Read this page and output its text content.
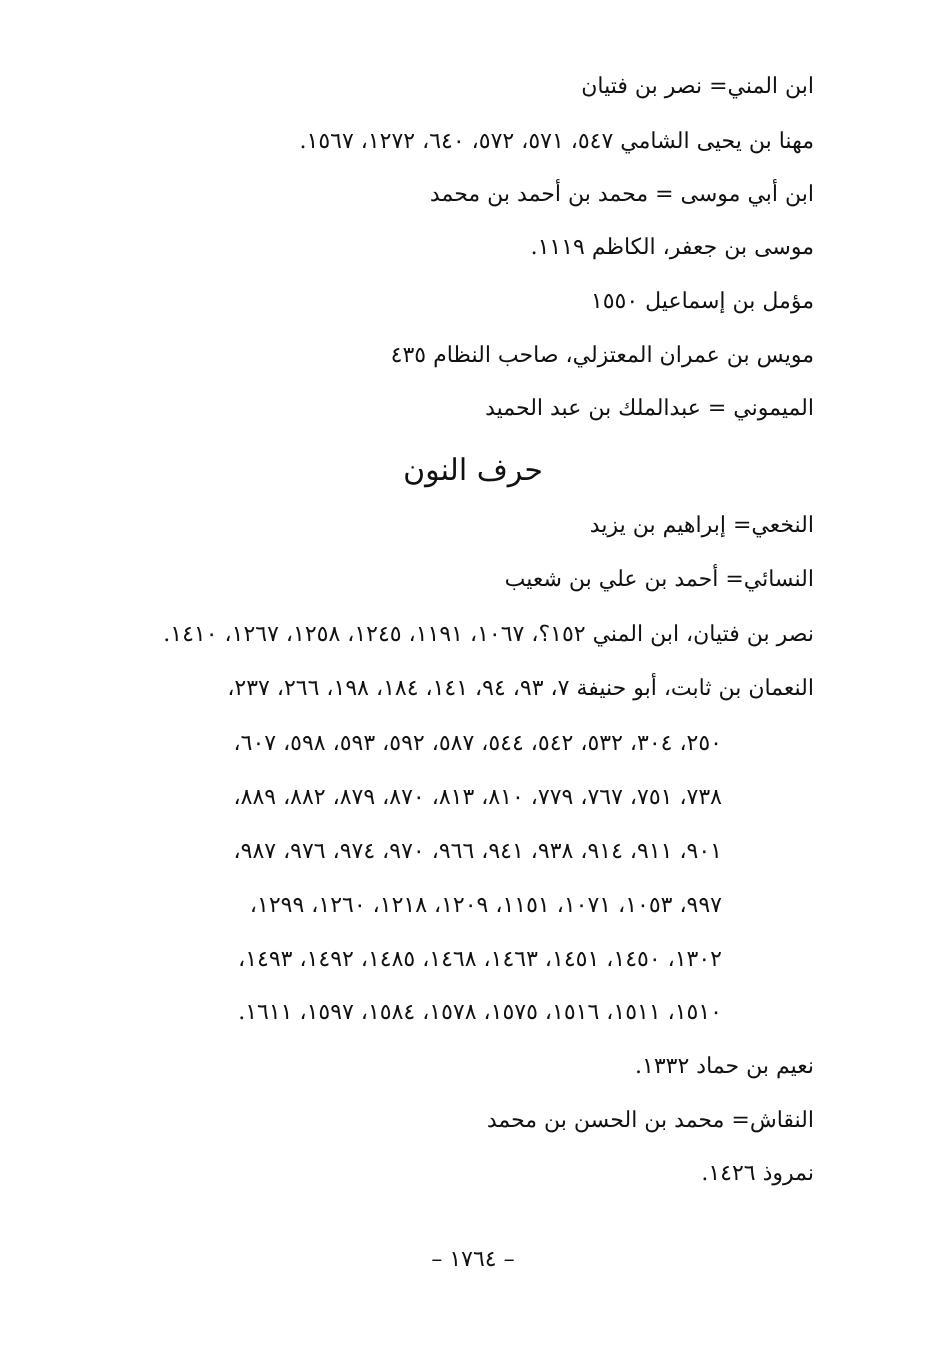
ابن المني= نصر بن فتيان
مهنا بن يحيى الشامي ٥٤٧، ٥٧١، ٥٧٢، ٦٤٠، ١٢٧٢، ١٥٦٧.
ابن أبي موسى = محمد بن أحمد بن محمد
موسى بن جعفر، الكاظم ١١١٩.
مؤمل بن إسماعيل ١٥٥٠
مويس بن عمران المعتزلي، صاحب النظام ٤٣٥
الميموني = عبدالملك بن عبد الحميد
حرف النون
النخعي= إبراهيم بن يزيد
النسائي= أحمد بن علي بن شعيب
نصر بن فتيان، ابن المني ١٥٢؟، ١٠٦٧، ١١٩١، ١٢٤٥، ١٢٥٨، ١٢٦٧، ١٤١٠.
النعمان بن ثابت، أبو حنيفة ٧، ٩٣، ٩٤، ١٤١، ١٨٤، ١٩٨، ٢٦٦، ٢٣٧،
٢٥٠، ٣٠٤، ٥٣٢، ٥٤٢، ٥٤٤، ٥٨٧، ٥٩٢، ٥٩٣، ٥٩٨، ٦٠٧،
٧٣٨، ٧٥١، ٧٦٧، ٧٧٩، ٨١٠، ٨١٣، ٨٧٠، ٨٧٩، ٨٨٢، ٨٨٩،
٩٠١، ٩١١، ٩١٤، ٩٣٨، ٩٤١، ٩٦٦، ٩٧٠، ٩٧٤، ٩٧٦، ٩٨٧،
٩٩٧، ١٠٥٣، ١٠٧١، ١١٥١، ١٢٠٩، ١٢١٨، ١٢٦٠، ١٢٩٩،
١٣٠٢، ١٤٥٠، ١٤٥١، ١٤٦٣، ١٤٦٨، ١٤٨٥، ١٤٩٢، ١٤٩٣،
١٥١٠، ١٥١١، ١٥١٦، ١٥٧٥، ١٥٧٨، ١٥٨٤، ١٥٩٧، ١٦١١.
نعيم بن حماد ١٣٣٢.
النقاش= محمد بن الحسن بن محمد
نمروذ ١٤٢٦.
– ١٧٦٤ –
